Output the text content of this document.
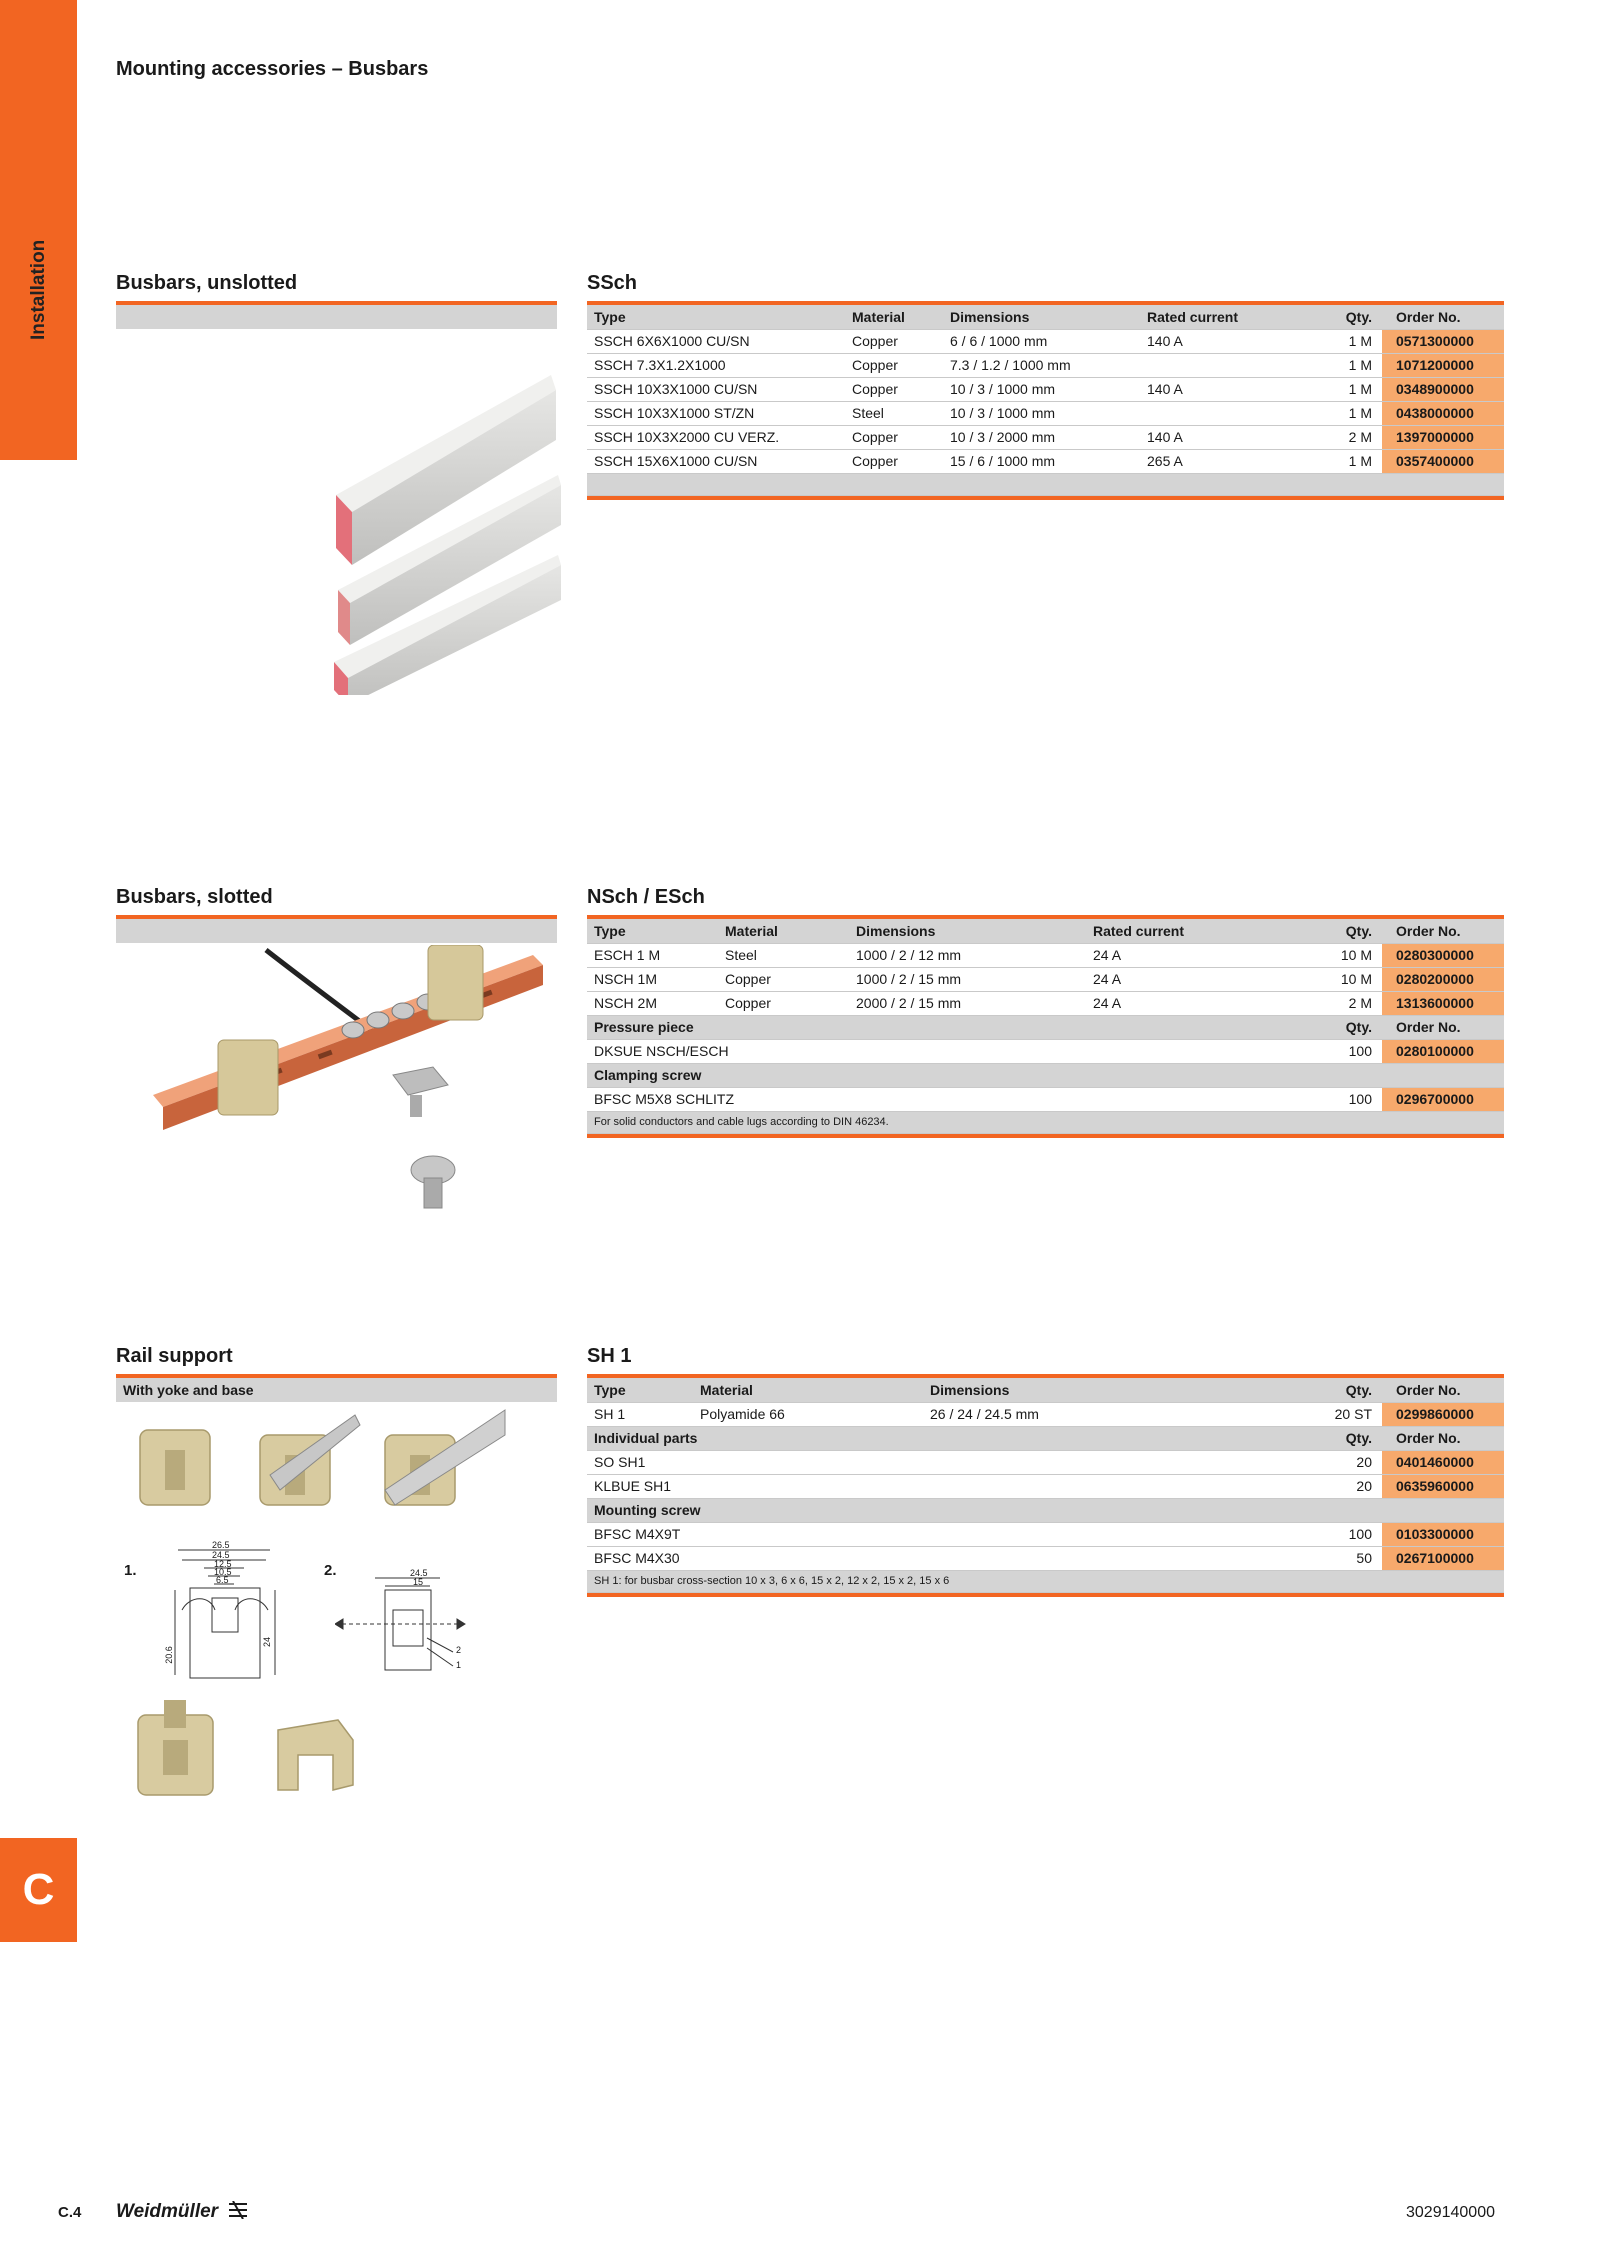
Installation
C
Mounting accessories – Busbars
Busbars, unslotted	SSch
Type	Material	Dimensions	Rated current	Qty.	Order No.
SSCH 6X6X1000 CU/SN	Copper	6 / 6 / 1000 mm	140 A	1 M	0571300000
SSCH 7.3X1.2X1000	Copper	7.3 / 1.2 / 1000 mm		1 M	1071200000
SSCH 10X3X1000 CU/SN	Copper	10 / 3 / 1000 mm	140 A	1 M	0348900000
SSCH 10X3X1000 ST/ZN	Steel	10 / 3 / 1000 mm		1 M	0438000000
SSCH 10X3X2000 CU VERZ.	Copper	10 / 3 / 2000 mm	140 A	2 M	1397000000
SSCH 15X6X1000 CU/SN	Copper	15 / 6 / 1000 mm	265 A	1 M	0357400000

Busbars, slotted	NSch / ESch
Type	Material	Dimensions	Rated current	Qty.	Order No.
ESCH 1 M	Steel	1000 / 2 / 12 mm	24 A	10 M	0280300000
NSCH 1M	Copper	1000 / 2 / 15 mm	24 A	10 M	0280200000
NSCH 2M	Copper	2000 / 2 / 15 mm	24 A	2 M	1313600000
Pressure piece				Qty.	Order No.
DKSUE NSCH/ESCH				100	0280100000
Clamping screw					
BFSC M5X8 SCHLITZ				100	0296700000
For solid conductors and cable lugs according to DIN 46234.					
Rail support
With yoke and base
1.	2.
26.5
24.5
12.5
10.5
6.5
20.6
24
24.5
15
2
1
SH 1
Type	Material	Dimensions	Qty.	Order No.
SH 1	Polyamide 66	26 / 24 / 24.5 mm	20 ST	0299860000
Individual parts			Qty.	Order No.
SO SH1			20	0401460000
KLBUE SH1			20	0635960000
Mounting screw				
BFSC M4X9T			100	0103300000
BFSC M4X30			50	0267100000
SH 1: for busbar cross-section 10 x 3, 6 x 6, 15 x 2, 12 x 2, 15 x 2, 15 x 6				
C.4 Weidmüller	3029140000
